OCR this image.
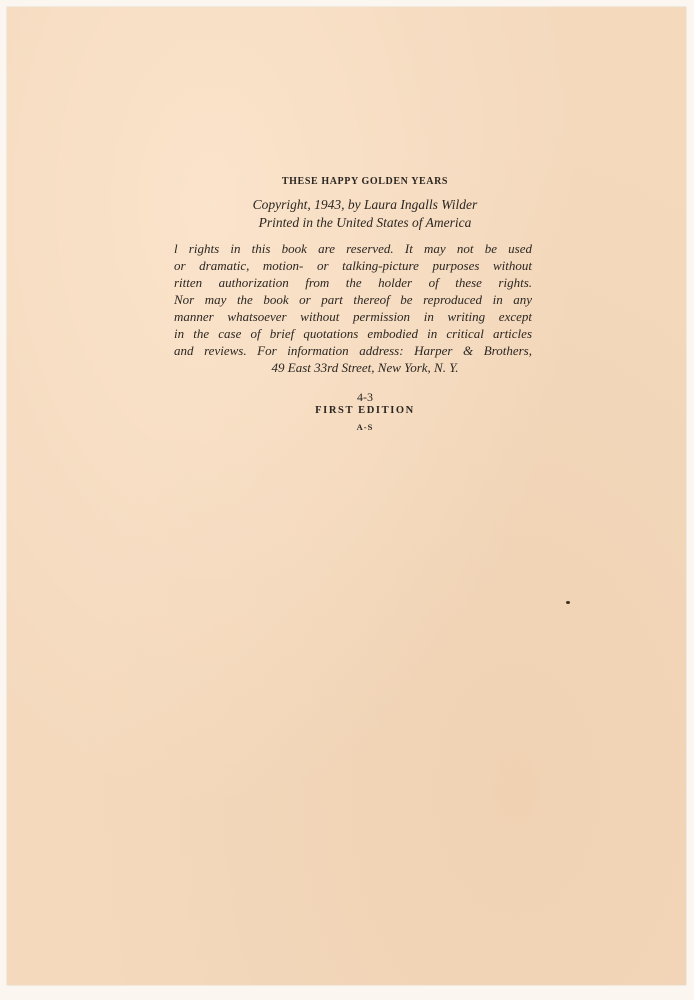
THESE HAPPY GOLDEN YEARS
Copyright, 1943, by Laura Ingalls Wilder
Printed in the United States of America
l rights in this book are reserved. It may not be used
or dramatic, motion- or talking-picture purposes without
ritten authorization from the holder of these rights.
Nor may the book or part thereof be reproduced in any
manner whatsoever without permission in writing except
in the case of brief quotations embodied in critical articles
and reviews. For information address: Harper & Brothers,
49 East 33rd Street, New York, N. Y.
4-3
FIRST EDITION
A-S
